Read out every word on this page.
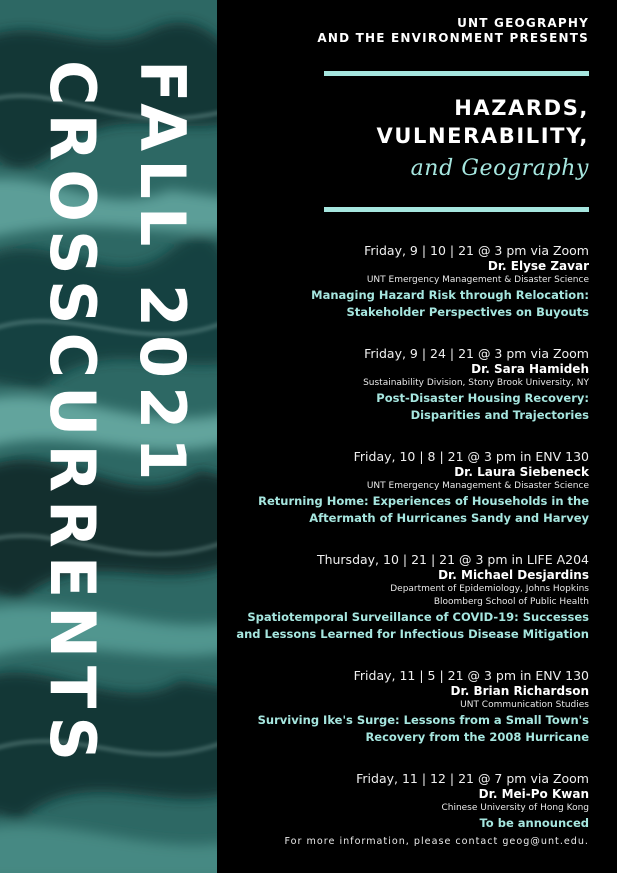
FALL 2021
CROSSCURRENTS
UNT GEOGRAPHY
AND THE ENVIRONMENT PRESENTS
HAZARDS,
VULNERABILITY,
and Geography
Friday, 9 | 10 | 21 @ 3 pm via Zoom
Dr. Elyse Zavar
UNT Emergency Management & Disaster Science
Managing Hazard Risk through Relocation:
Stakeholder Perspectives on Buyouts
Friday, 9 | 24 | 21 @ 3 pm via Zoom
Dr. Sara Hamideh
Sustainability Division, Stony Brook University, NY
Post-Disaster Housing Recovery:
Disparities and Trajectories
Friday, 10 | 8 | 21 @ 3 pm in ENV 130
Dr. Laura Siebeneck
UNT Emergency Management & Disaster Science
Returning Home: Experiences of Households in the
Aftermath of Hurricanes Sandy and Harvey
Thursday, 10 | 21 | 21 @ 3 pm in LIFE A204
Dr. Michael Desjardins
Department of Epidemiology, Johns Hopkins
Bloomberg School of Public Health
Spatiotemporal Surveillance of COVID-19: Successes
and Lessons Learned for Infectious Disease Mitigation
Friday, 11 | 5 | 21 @ 3 pm in ENV 130
Dr. Brian Richardson
UNT Communication Studies
Surviving Ike's Surge: Lessons from a Small Town's
Recovery from the 2008 Hurricane
Friday, 11 | 12 | 21 @ 7 pm via Zoom
Dr. Mei-Po Kwan
Chinese University of Hong Kong
To be announced
For more information, please contact geog@unt.edu.
